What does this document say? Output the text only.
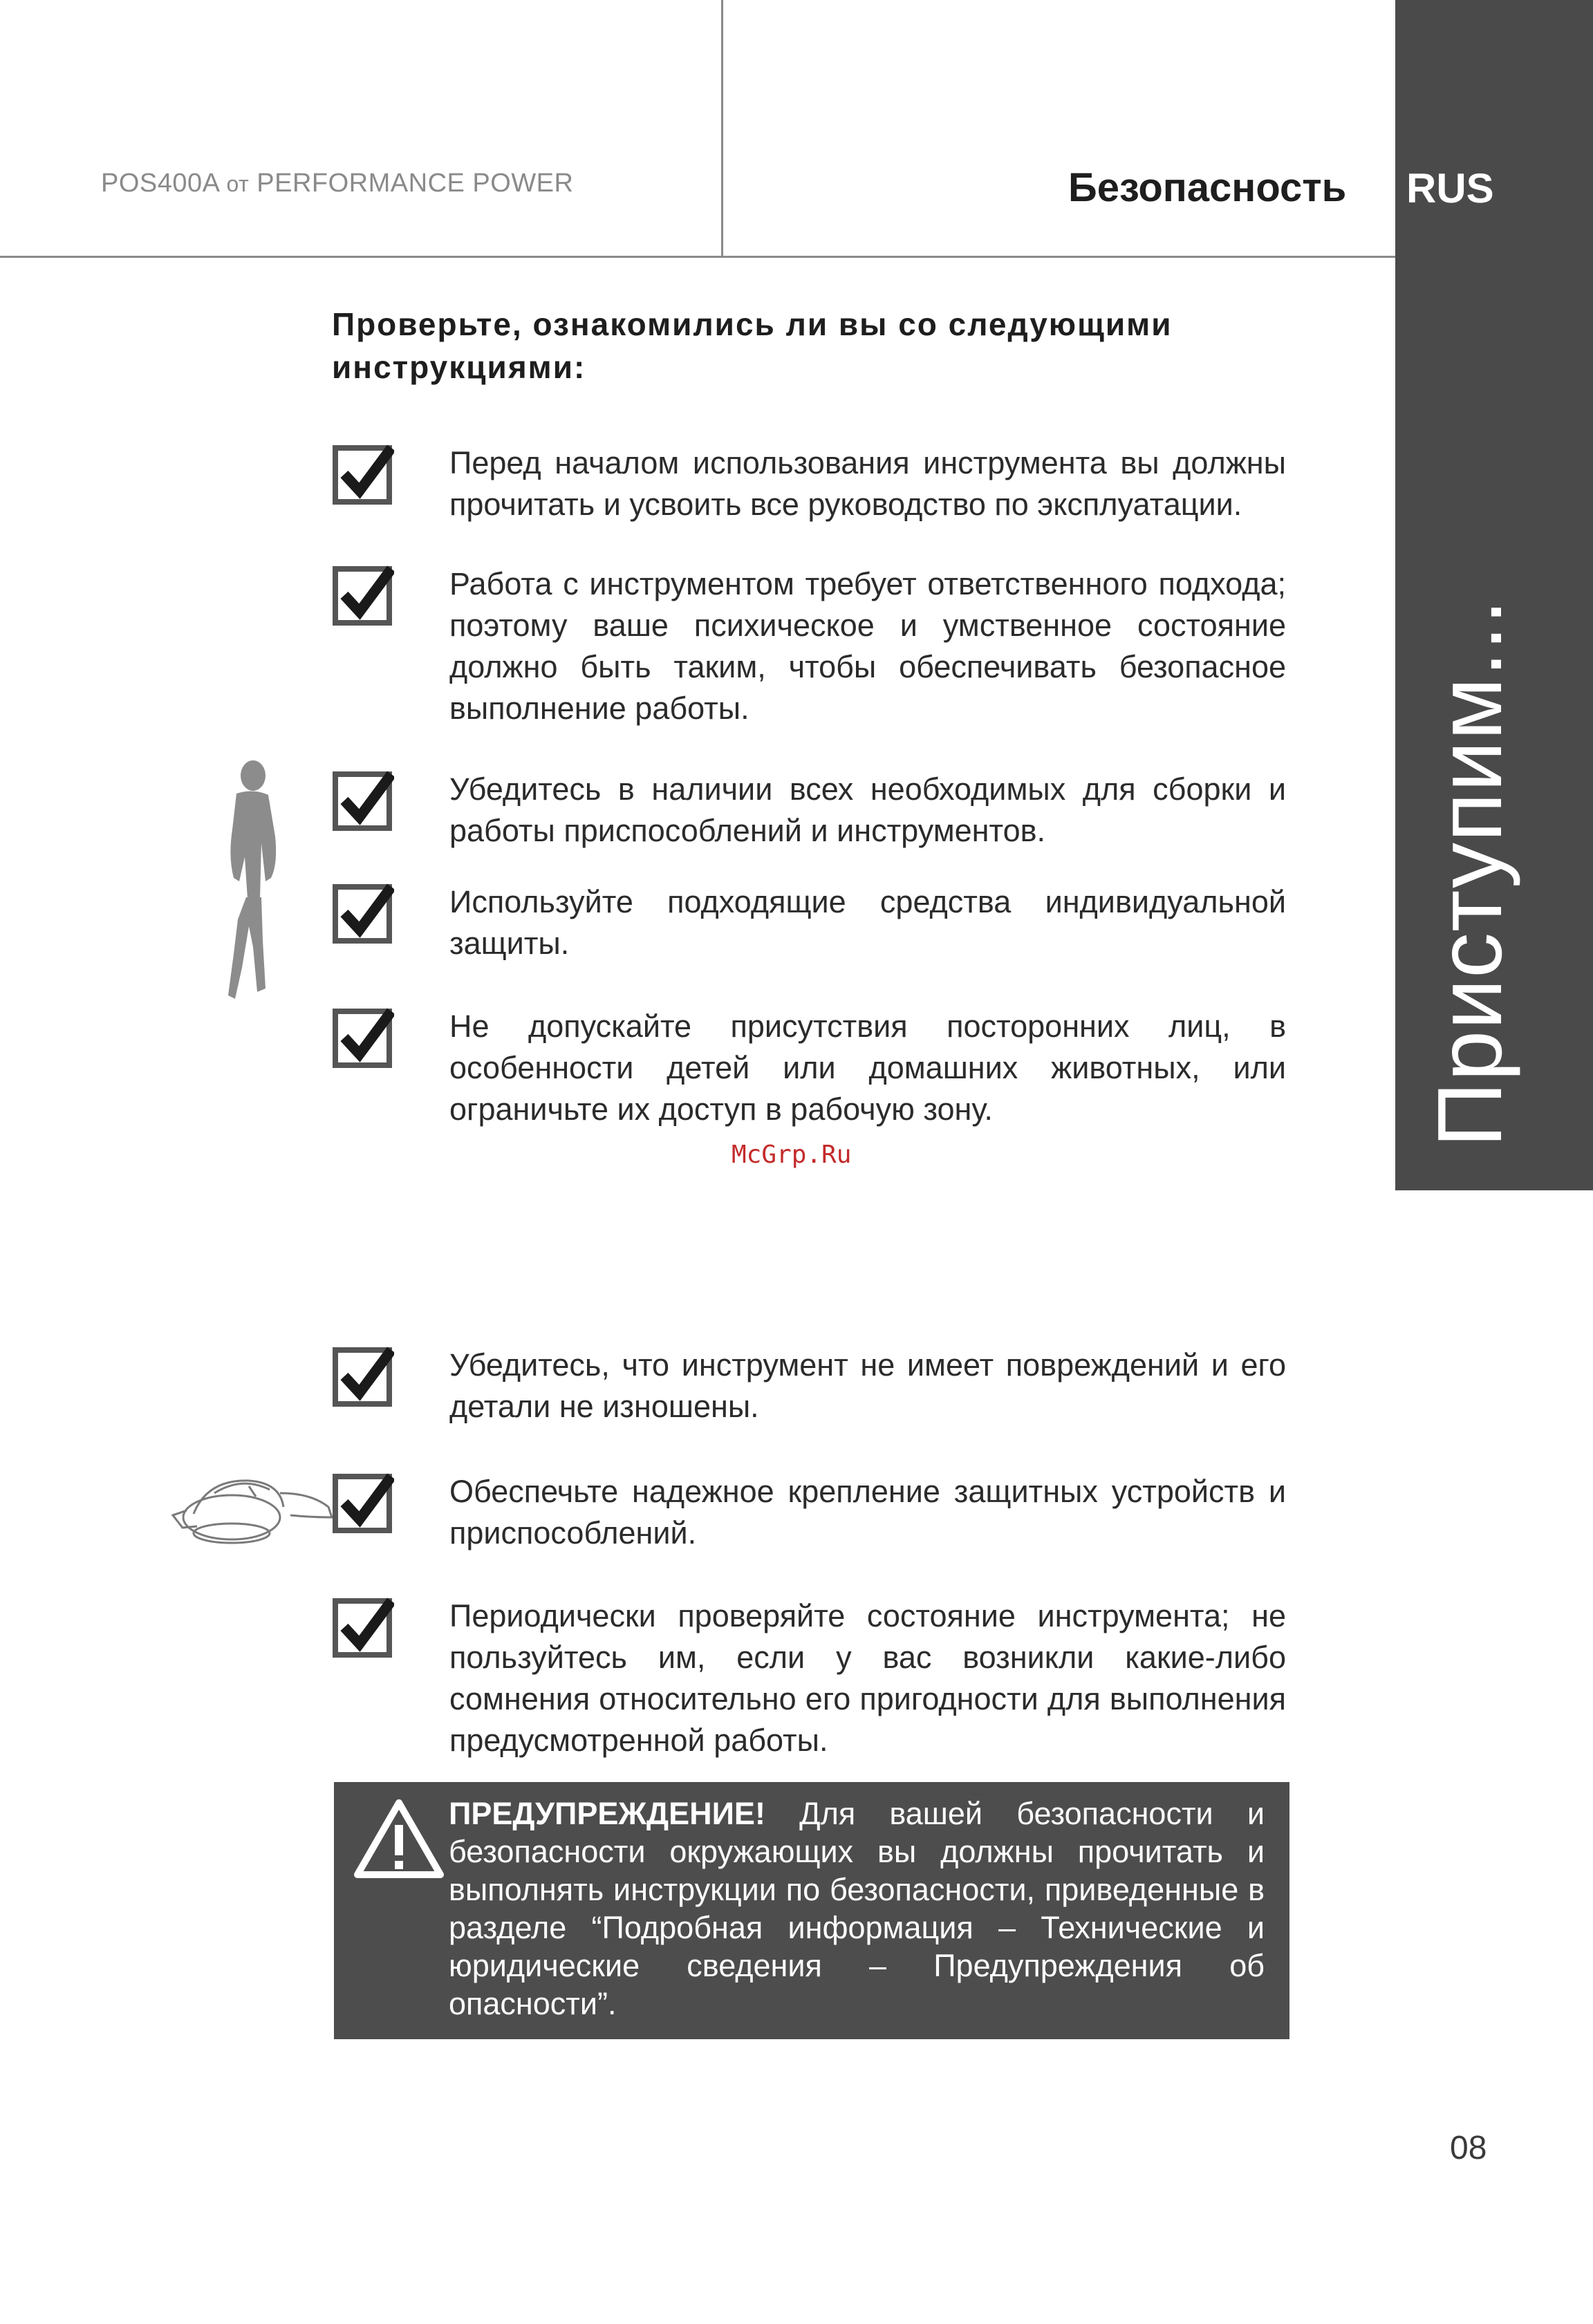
POS400A от PERFORMANCE POWER	Безопасность RUS
Приступим...
Проверьте, ознакомились ли вы со следующими инструкциями:
Перед началом использования инструмента вы должны прочитать и усвоить все руководство по эксплуатации.
Работа с инструментом требует ответственного подхода; поэтому ваше психическое и умственное состояние должно быть таким, чтобы обеспечивать безопасное выполнение работы.
Убедитесь в наличии всех необходимых для сборки и работы приспособлений и инструментов.
Используйте подходящие средства индивидуальной защиты.
Не допускайте присутствия посторонних лиц, в особенности детей или домашних животных, или ограничьте их доступ в рабочую зону.
McGrp.Ru
Убедитесь, что инструмент не имеет повреждений и его детали не изношены.
Обеспечьте надежное крепление защитных устройств и приспособлений.
Периодически проверяйте состояние инструмента; не пользуйтесь им, если у вас возникли какие-либо сомнения относительно его пригодности для выполнения предусмотренной работы.
ПРЕДУПРЕЖДЕНИЕ! Для вашей безопасности и безопасности окружающих вы должны прочитать и выполнять инструкции по безопасности, приведенные в разделе “Подробная информация – Технические и юридические сведения – Предупреждения об опасности”.
08
